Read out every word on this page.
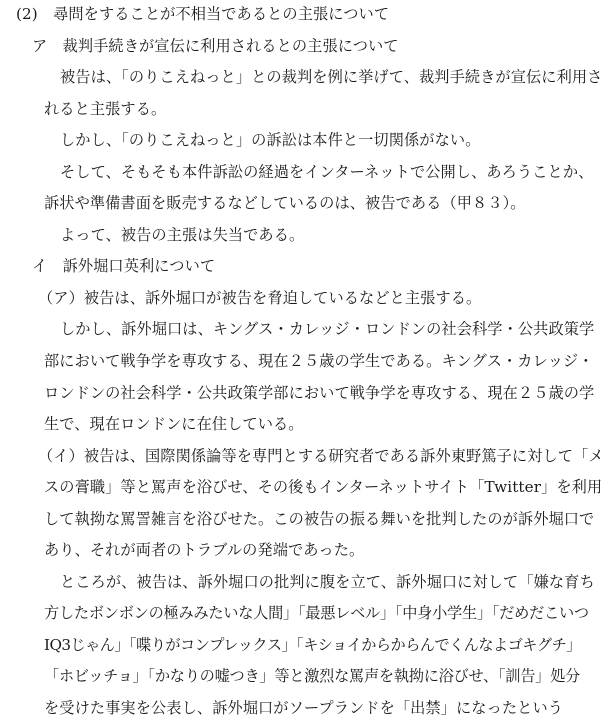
(2)　尋問をすることが不相当であるとの主張について
ア　裁判手続きが宣伝に利用されるとの主張について
被告は、「のりこえねっと」との裁判を例に挙げて、裁判手続きが宣伝に利用さ
れると主張する。
しかし、「のりこえねっと」の訴訟は本件と一切関係がない。
そして、そもそも本件訴訟の経過をインターネットで公開し、あろうことか、
訴状や準備書面を販売するなどしているのは、被告である（甲８３）。
よって、被告の主張は失当である。
イ　訴外堀口英利について
（ア）被告は、訴外堀口が被告を脅迫しているなどと主張する。
しかし、訴外堀口は、キングス・カレッジ・ロンドンの社会科学・公共政策学
部において戦争学を専攻する、現在２５歳の学生である。キングス・カレッジ・
ロンドンの社会科学・公共政策学部において戦争学を専攻する、現在２５歳の学
生で、現在ロンドンに在住している。
（イ）被告は、国際関係論等を専門とする研究者である訴外東野篤子に対して「メ
スの膏職」等と罵声を浴びせ、その後もインターネットサイト「Twitter」を利用
して執拗な罵詈雑言を浴びせた。この被告の振る舞いを批判したのが訴外堀口で
あり、それが両者のトラブルの発端であった。
ところが、被告は、訴外堀口の批判に腹を立て、訴外堀口に対して「嫌な育ち
方したボンボンの極みみたいな人間」「最悪レベル」「中身小学生」「だめだこいつ
IQ3じゃん」「喋りがコンプレックス」「キショイからからんでくんなよゴキグチ」
「ホビッチョ」「かなりの嘘つき」等と激烈な罵声を執拗に浴びせ、「訓告」処分
を受けた事実を公表し、訴外堀口がソープランドを「出禁」になったという
